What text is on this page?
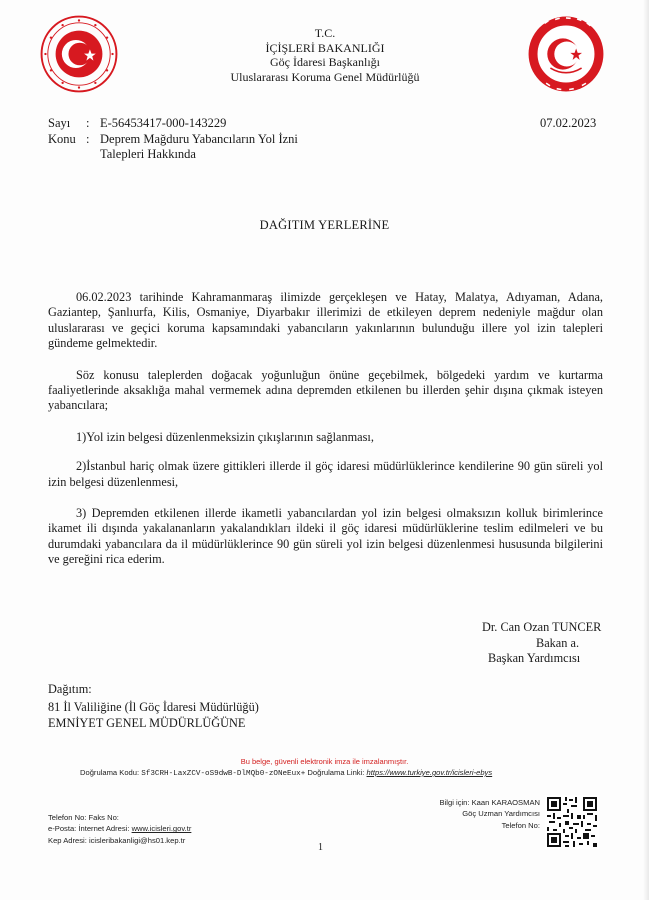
T.C.
İÇİŞLERİ BAKANLIĞI
Göç İdaresi Başkanlığı
Uluslararası Koruma Genel Müdürlüğü
Sayı	: E-56453417-000-143229
Konu : Deprem Mağduru Yabancıların Yol İzni
Talepleri Hakkında
07.02.2023
DAĞITIM YERLERİNE

06.02.2023 tarihinde Kahramanmaraş ilimizde gerçekleşen ve Hatay, Malatya, Adıyaman, Adana, Gaziantep, Şanlıurfa, Kilis, Osmaniye, Diyarbakır illerimizi de etkileyen deprem nedeniyle mağdur olan uluslararası ve geçici koruma kapsamındaki yabancıların yakınlarının bulunduğu illere yol izin talepleri gündeme gelmektedir.

Söz konusu taleplerden doğacak yoğunluğun önüne geçebilmek, bölgedeki yardım ve kurtarma faaliyetlerinde aksaklığa mahal vermemek adına depremden etkilenen bu illerden şehir dışına çıkmak isteyen yabancılara;

1)Yol izin belgesi düzenlenmeksizin çıkışlarının sağlanması,

2)İstanbul hariç olmak üzere gittikleri illerde il göç idaresi müdürlüklerince kendilerine 90 gün süreli yol izin belgesi düzenlenmesi,

3) Depremden etkilenen illerde ikametli yabancılardan yol izin belgesi olmaksızın kolluk birimlerince ikamet ili dışında yakalananların yakalandıkları ildeki il göç idaresi müdürlüklerine teslim edilmeleri ve bu durumdaki yabancılara da il müdürlüklerince 90 gün süreli yol izin belgesi düzenlenmesi hususunda bilgilerini ve gereğini rica ederim.

Dr. Can Ozan TUNCER
Bakan a.
Başkan Yardımcısı
Dağıtım:
81 İl Valiliğine (İl Göç İdaresi Müdürlüğü)
EMNİYET GENEL MÜDÜRLÜĞÜNE
Bu belge, güvenli elektronik imza ile imzalanmıştır.
Doğrulama Kodu: Sf3CRH-LaxZCV-oS9dwB-DlMQb0-zONeEux+ Doğrulama Linki: https://www.turkiye.gov.tr/icisleri-ebys
Telefon No: Faks No:
e-Posta: İnternet Adresi: www.icisleri.gov.tr
Kep Adresi: icisleribakanligi@hs01.kep.tr
Bilgi için: Kaan KARAOSMAN
Göç Uzman Yardımcısı
Telefon No:
1
